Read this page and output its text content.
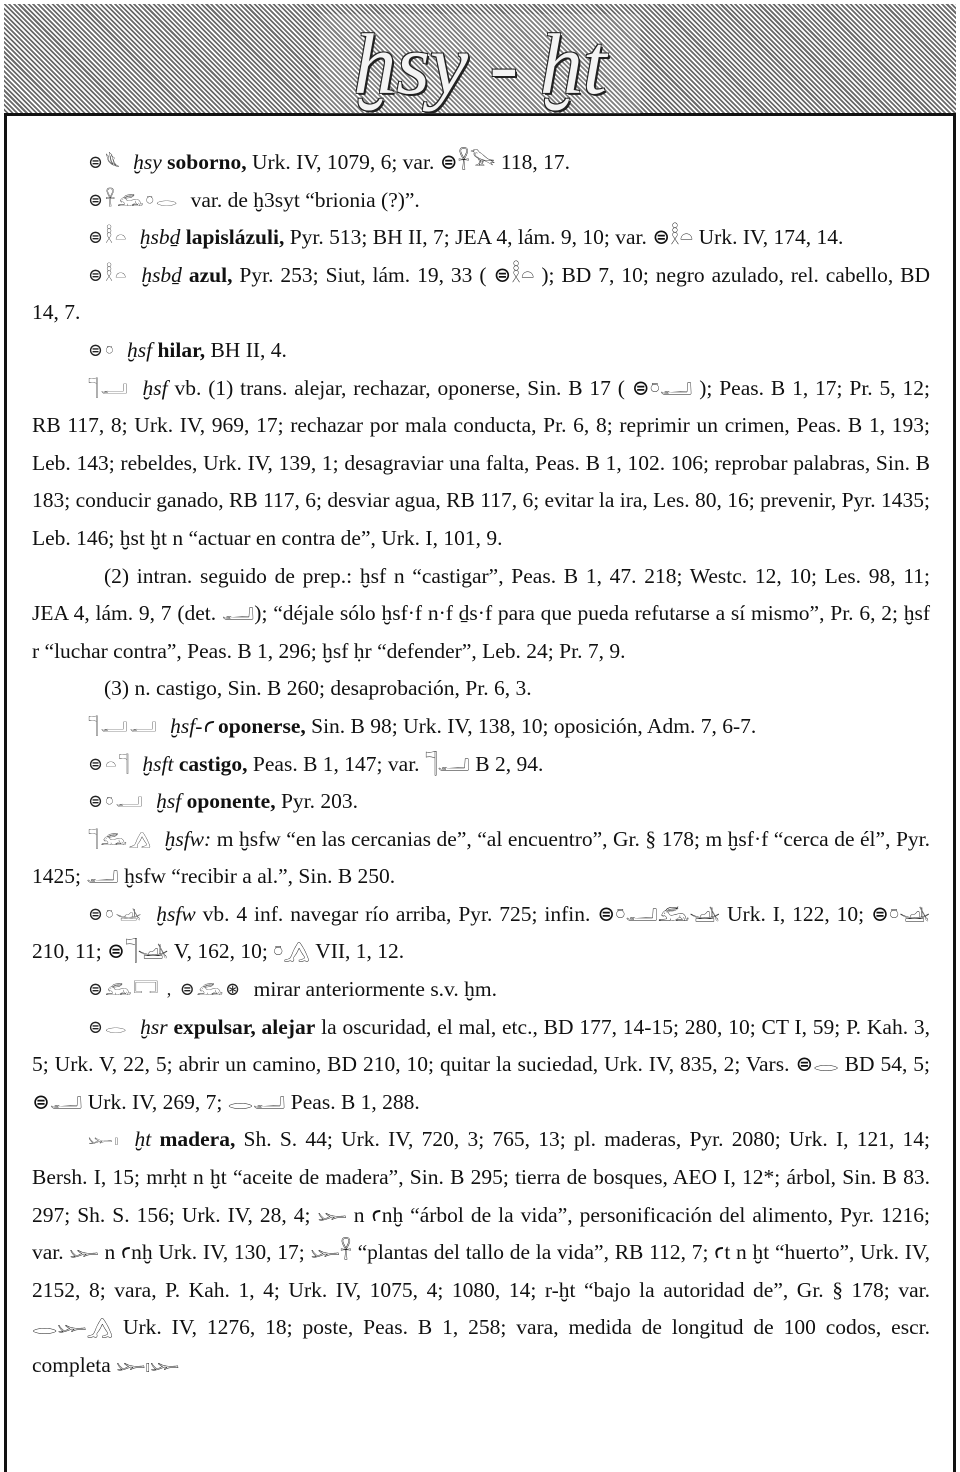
ḫsy - ḫt

⊜𓆰 ḫsy soborno, Urk. IV, 1079, 6; var. ⊜𓋹𓅨 118, 17.

⊜𓋹𓃹𓏌𓂋 var. de ḫ3syt “brionia (?)”.

⊜𓎛𓏏 ḫsbḏ lapislázuli, Pyr. 513; BH II, 7; JEA 4, lám. 9, 10; var. ⊜𓎛𓏏 Urk. IV, 174, 14.

⊜𓎛𓏏 ḫsbḏ azul, Pyr. 253; Siut, lám. 19, 33 ( ⊜𓎛𓏏 ); BD 7, 10; negro azulado, rel. cabello, BD 14, 7.

⊜𓏌 ḫsf hilar, BH II, 4.

𓊹𓂝 ḫsf vb. (1) trans. alejar, rechazar, oponerse, Sin. B 17 ( ⊜𓏌𓂝 ); Peas. B 1, 17; Pr. 5, 12; RB 117, 8; Urk. IV, 969, 17; rechazar por mala conducta, Pr. 6, 8; reprimir un crimen, Peas. B 1, 193; Leb. 143; rebeldes, Urk. IV, 139, 1; desagraviar una falta, Peas. B 1, 102. 106; reprobar palabras, Sin. B 183; conducir ganado, RB 117, 6; desviar agua, RB 117, 6; evitar la ira, Les. 80, 16; prevenir, Pyr. 1435; Leb. 146; ḫst ḫt n “actuar en contra de”, Urk. I, 101, 9.

(2) intran. seguido de prep.: ḫsf n “castigar”, Peas. B 1, 47. 218; Westc. 12, 10; Les. 98, 11; JEA 4, lám. 9, 7 (det. 𓂝); “déjale sólo ḫsf·f n·f ḏs·f para que pueda refutarse a sí mismo”, Pr. 6, 2; ḫsf r “luchar contra”, Peas. B 1, 296; ḫsf ḥr “defender”, Leb. 24; Pr. 7, 9.

(3) n. castigo, Sin. B 260; desaprobación, Pr. 6, 3.

𓊹𓂝𓂝 ḫsf-ꜥ oponerse, Sin. B 98; Urk. IV, 138, 10; oposición, Adm. 7, 6-7.

⊜𓏏𓊹 ḫsft castigo, Peas. B 1, 147; var. 𓊹𓂝 B 2, 94.

⊜𓏌𓂝 ḫsf oponente, Pyr. 203.

𓊹𓃹𓂻 ḫsfw: m ḫsfw “en las cercanias de”, “al encuentro”, Gr. § 178; m ḫsf·f “cerca de él”, Pyr. 1425; 𓂝 ḫsfw “recibir a al.”, Sin. B 250.

⊜𓏌𓊛 ḫsfw vb. 4 inf. navegar río arriba, Pyr. 725; infin. ⊜𓏌𓂝𓃹𓊛 Urk. I, 122, 10; ⊜𓏌𓊛 210, 11; ⊜𓊹𓊛 V, 162, 10; 𓏌𓂻 VII, 1, 12.

⊜𓃹𓉐 , ⊜𓃹⊛ mirar anteriormente s.v. ḫm.

⊜𓂋 ḫsr expulsar, alejar la oscuridad, el mal, etc., BD 177, 14-15; 280, 10; CT I, 59; P. Kah. 3, 5; Urk. V, 22, 5; abrir un camino, BD 210, 10; quitar la suciedad, Urk. IV, 835, 2; Vars. ⊜𓂋 BD 54, 5; ⊜𓂝 Urk. IV, 269, 7; 𓂋𓂝 Peas. B 1, 288.

𓆱𓏤 ḫt madera, Sh. S. 44; Urk. IV, 720, 3; 765, 13; pl. maderas, Pyr. 2080; Urk. I, 121, 14; Bersh. I, 15; mrḥt n ḫt “aceite de madera”, Sin. B 295; tierra de bosques, AEO I, 12*; árbol, Sin. B 83. 297; Sh. S. 156; Urk. IV, 28, 4; 𓆱 n ꜥnḫ “árbol de la vida”, personificación del alimento, Pyr. 1216; var. 𓆱 n ꜥnḫ Urk. IV, 130, 17; 𓆱𓋹 “plantas del tallo de la vida”, RB 112, 7; ꜥt n ḫt “huerto”, Urk. IV, 2152, 8; vara, P. Kah. 1, 4; Urk. IV, 1075, 4; 1080, 14; r-ḫt “bajo la autoridad de”, Gr. § 178; var. 𓂋𓆱𓂻 Urk. IV, 1276, 18; poste, Peas. B 1, 258; vara, medida de longitud de 100 codos, escr. completa 𓆱𓏤𓆱
